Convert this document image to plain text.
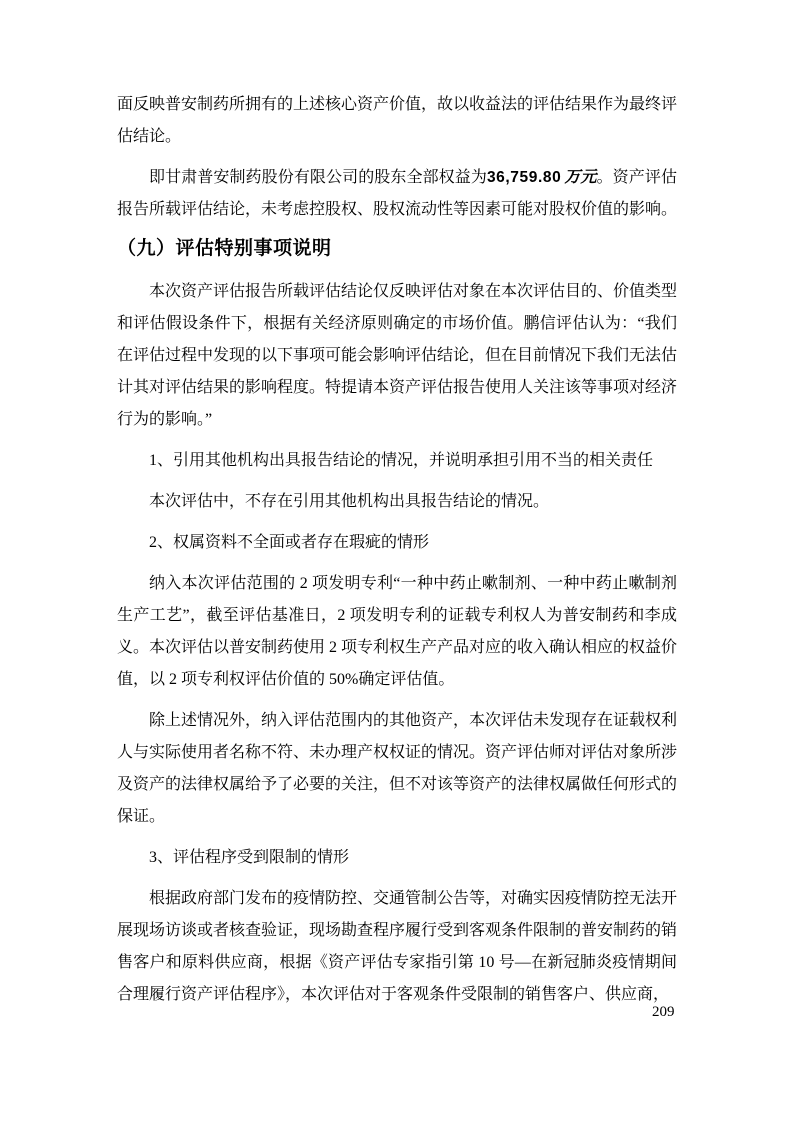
面反映普安制药所拥有的上述核心资产价值，故以收益法的评估结果作为最终评估结论。

即甘肃普安制药股份有限公司的股东全部权益为36,759.80 万元。资产评估报告所载评估结论，未考虑控股权、股权流动性等因素可能对股权价值的影响。

（九）评估特别事项说明

本次资产评估报告所载评估结论仅反映评估对象在本次评估目的、价值类型和评估假设条件下，根据有关经济原则确定的市场价值。鹏信评估认为：“我们在评估过程中发现的以下事项可能会影响评估结论，但在目前情况下我们无法估计其对评估结果的影响程度。特提请本资产评估报告使用人关注该等事项对经济行为的影响。”

1、引用其他机构出具报告结论的情况，并说明承担引用不当的相关责任

本次评估中，不存在引用其他机构出具报告结论的情况。

2、权属资料不全面或者存在瑕疵的情形

纳入本次评估范围的 2 项发明专利“一种中药止嗽制剂、一种中药止嗽制剂生产工艺”，截至评估基准日，2 项发明专利的证载专利权人为普安制药和李成义。本次评估以普安制药使用 2 项专利权生产产品对应的收入确认相应的权益价值，以 2 项专利权评估价值的 50%确定评估值。

除上述情况外，纳入评估范围内的其他资产，本次评估未发现存在证载权利人与实际使用者名称不符、未办理产权权证的情况。资产评估师对评估对象所涉及资产的法律权属给予了必要的关注，但不对该等资产的法律权属做任何形式的保证。

3、评估程序受到限制的情形

根据政府部门发布的疫情防控、交通管制公告等，对确实因疫情防控无法开展现场访谈或者核查验证，现场勘查程序履行受到客观条件限制的普安制药的销售客户和原料供应商，根据《资产评估专家指引第 10 号—在新冠肺炎疫情期间合理履行资产评估程序》，本次评估对于客观条件受限制的销售客户、供应商，

209
